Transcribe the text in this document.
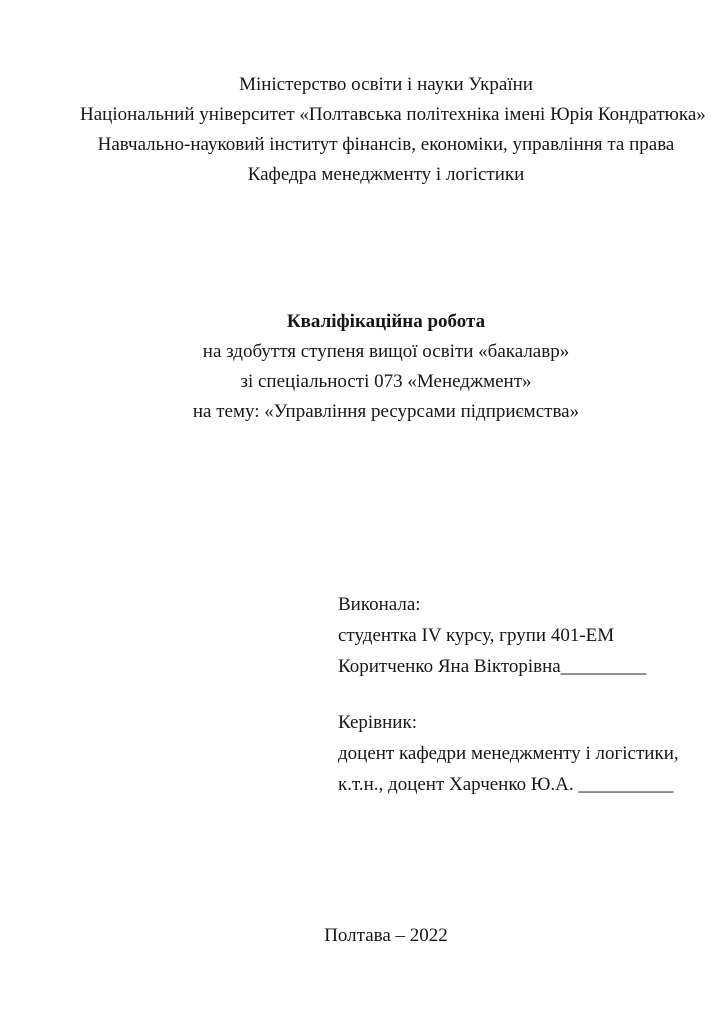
Міністерство освіти і науки України
Національний університет «Полтавська політехніка імені Юрія Кондратюка»
Навчально-науковий інститут фінансів, економіки, управління та права
Кафедра менеджменту і логістики
Кваліфікаційна робота
на здобуття ступеня вищої освіти «бакалавр»
зі спеціальності 073 «Менеджмент»
на тему: «Управління ресурсами підприємства»
Виконала:
студентка IV курсу, групи 401-ЕМ
Коритченко Яна Вікторівна_________
Керівник:
доцент кафедри менеджменту і логістики,
к.т.н., доцент Харченко Ю.А. __________
Полтава – 2022
